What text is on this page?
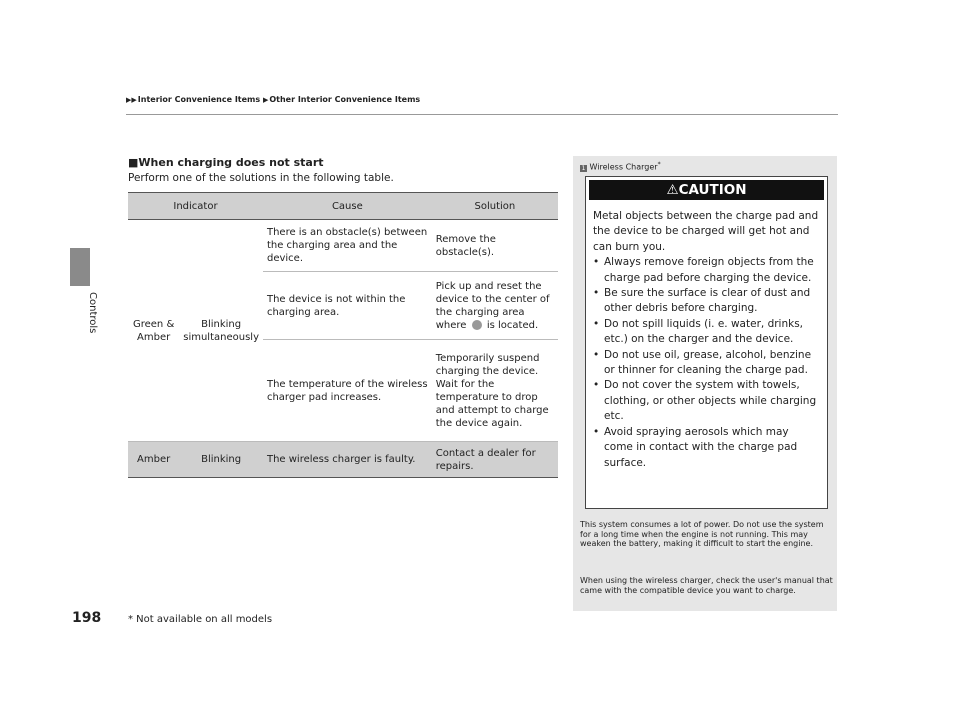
Controls
198
▶▶Interior Convenience Items ▶Other Interior Convenience Items
■When charging does not start
Perform one of the solutions in the following table.
Indicator		Cause	Solution
Green & Amber	Blinking simultaneously	There is an obstacle(s) between the charging area and the device.	Remove the obstacle(s).
		The device is not within the charging area.	Pick up and reset the device to the center of the charging area where is located.
		The temperature of the wireless charger pad increases.	Temporarily suspend charging the device. Wait for the temperature to drop and attempt to charge the device again.
Amber	Blinking	The wireless charger is faulty.	Contact a dealer for repairs.
* Not available on all models
1 Wireless Charger*
⚠CAUTION
Metal objects between the charge pad and the device to be charged will get hot and can burn you.
• Always remove foreign objects from the charge pad before charging the device.
• Be sure the surface is clear of dust and other debris before charging.
• Do not spill liquids (i. e. water, drinks, etc.) on the charger and the device.
• Do not use oil, grease, alcohol, benzine or thinner for cleaning the charge pad.
• Do not cover the system with towels, clothing, or other objects while charging etc.
• Avoid spraying aerosols which may come in contact with the charge pad surface.
This system consumes a lot of power. Do not use the system for a long time when the engine is not running. This may weaken the battery, making it difficult to start the engine.
When using the wireless charger, check the user's manual that came with the compatible device you want to charge.
